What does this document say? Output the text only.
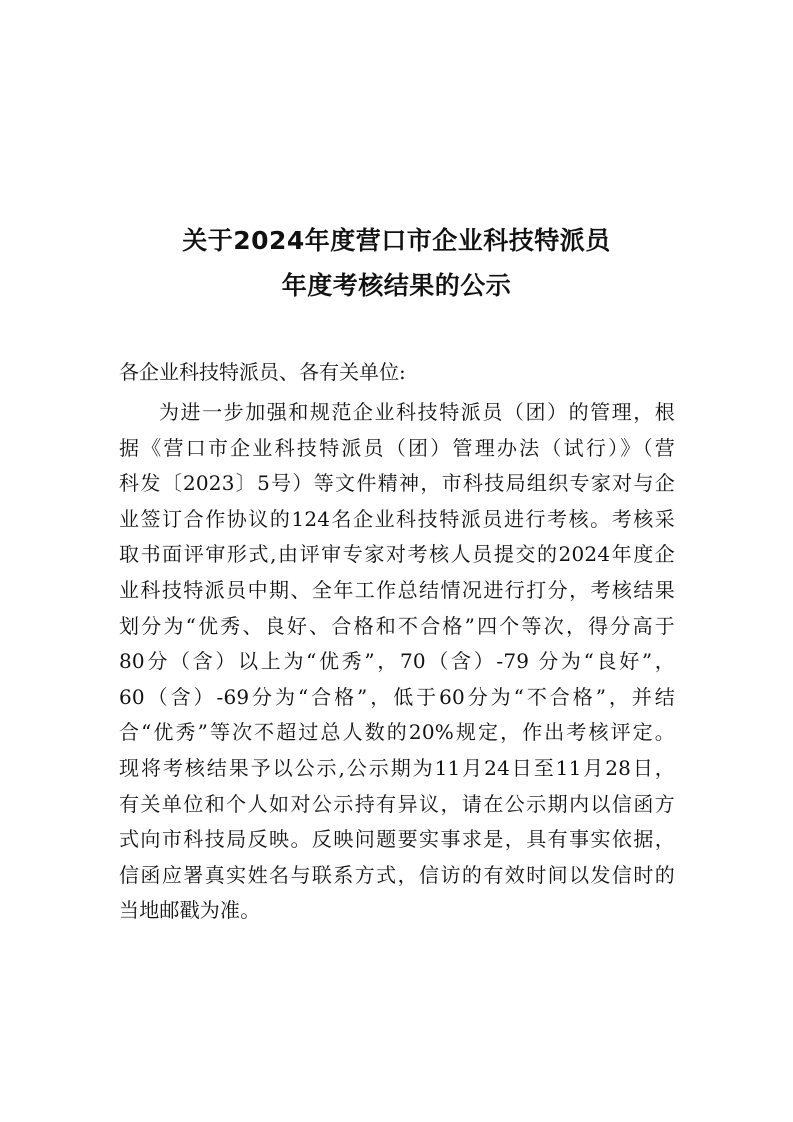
关于2024年度营口市企业科技特派员
年度考核结果的公示
各企业科技特派员、各有关单位:
为进一步加强和规范企业科技特派员（团）的管理，根
据《营口市企业科技特派员（团）管理办法（试行）》（营
科发〔2023〕5号）等文件精神，市科技局组织专家对与企
业签订合作协议的124名企业科技特派员进行考核。考核采
取书面评审形式,由评审专家对考核人员提交的2024年度企
业科技特派员中期、全年工作总结情况进行打分，考核结果
划分为“优秀、良好、合格和不合格”四个等次，得分高于
80分（含）以上为“优秀”，70（含）-79 分为“良好”，
60（含）-69分为“合格”，低于60分为“不合格”，并结
合“优秀”等次不超过总人数的20%规定，作出考核评定。
现将考核结果予以公示,公示期为11月24日至11月28日，
有关单位和个人如对公示持有异议，请在公示期内以信函方
式向市科技局反映。反映问题要实事求是，具有事实依据，
信函应署真实姓名与联系方式，信访的有效时间以发信时的
当地邮戳为准。
